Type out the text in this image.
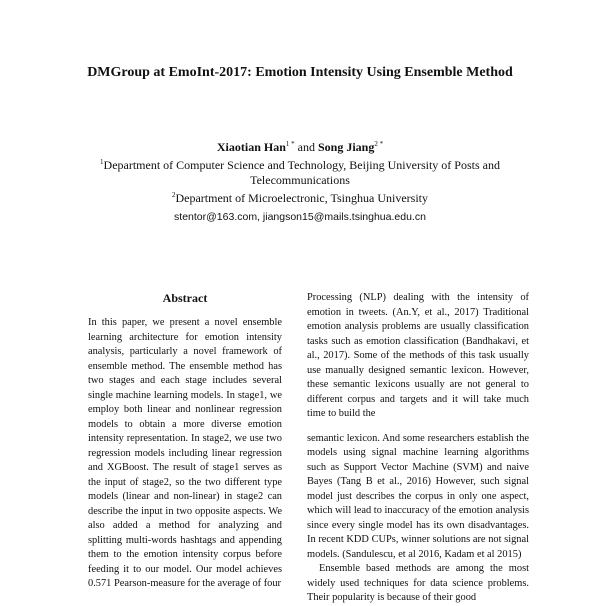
DMGroup at EmoInt-2017: Emotion Intensity Using Ensemble Method
Xiaotian Han$^{1 *}$ and Song Jiang$^{2 *}$
$^1$Department of Computer Science and Technology, Beijing University of Posts and Telecommunications
$^2$Department of Microelectronic, Tsinghua University
stentor@163.com, jiangson15@mails.tsinghua.edu.cn
Abstract

In this paper, we present a novel ensemble learning architecture for emotion intensity analysis, particularly a novel framework of ensemble method. The ensemble method has two stages and each stage includes several single machine learning models. In stage1, we employ both linear and nonlinear regression models to obtain a more diverse emotion intensity representation. In stage2, we use two regression models including linear regression and XGBoost. The result of stage1 serves as the input of stage2, so the two different type models (linear and non-linear) in stage2 can describe the input in two opposite aspects. We also added a method for analyzing and splitting multi-words hashtags and appending them to the emotion intensity corpus before feeding it to our model. Our model achieves 0.571 Pearson-measure for the average of four

Processing (NLP) dealing with the intensity of emotion in tweets. (An.Y, et al., 2017) Traditional emotion analysis problems are usually classification tasks such as emotion classification (Bandhakavi, et al., 2017). Some of the methods of this task usually use manually designed semantic lexicon. However, these semantic lexicons usually are not general to different corpus and targets and it will take much time to build the

semantic lexicon. And some researchers establish the models using signal machine learning algorithms such as Support Vector Machine (SVM) and naive Bayes (Tang B et al., 2016) However, such signal model just describes the corpus in only one aspect, which will lead to inaccuracy of the emotion analysis since every single model has its own disadvantages. In recent KDD CUPs, winner solutions are not signal models. (Sandulescu, et al 2016, Kadam et al 2015)

Ensemble based methods are among the most widely used techniques for data science problems. Their popularity is because of their good
